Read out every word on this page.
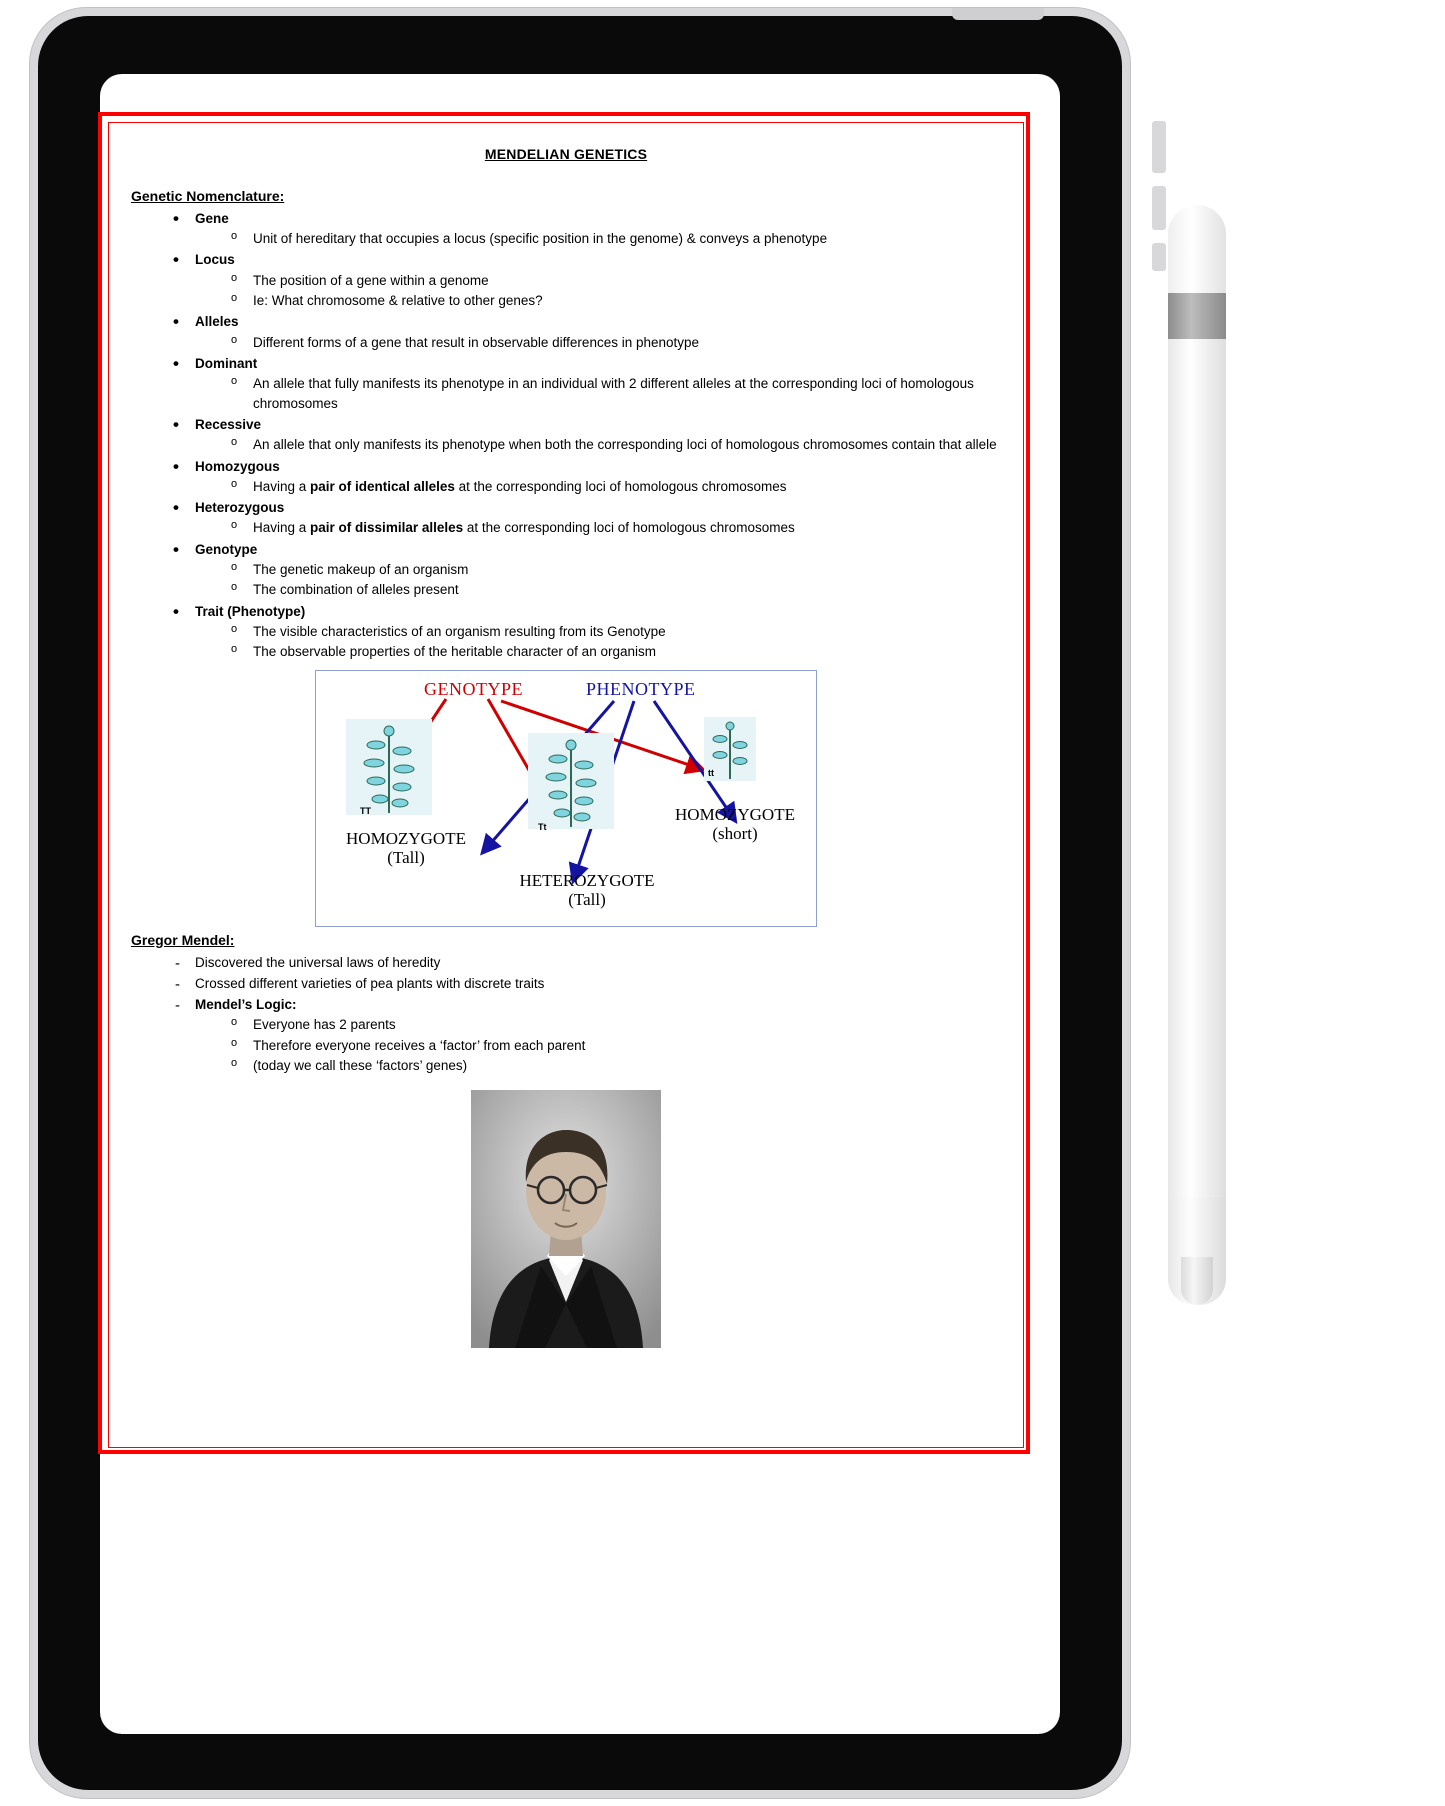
MENDELIAN GENETICS
Genetic Nomenclature:
• Gene
o Unit of hereditary that occupies a locus (specific position in the genome) & conveys a phenotype
• Locus
o The position of a gene within a genome
o Ie: What chromosome & relative to other genes?
• Alleles
o Different forms of a gene that result in observable differences in phenotype
• Dominant
o An allele that fully manifests its phenotype in an individual with 2 different alleles at the corresponding loci of homologous chromosomes
• Recessive
o An allele that only manifests its phenotype when both the corresponding loci of homologous chromosomes contain that allele
• Homozygous
o Having a pair of identical alleles at the corresponding loci of homologous chromosomes
• Heterozygous
o Having a pair of dissimilar alleles at the corresponding loci of homologous chromosomes
• Genotype
o The genetic makeup of an organism
o The combination of alleles present
• Trait (Phenotype)
o The visible characteristics of an organism resulting from its Genotype
o The observable properties of the heritable character of an organism
GENOTYPE	PHENOTYPE
TT
Tt
tt
HOMOZYGOTE
(Tall)
HETEROZYGOTE
(Tall)
HOMOZYGOTE
(short)
Gregor Mendel:
- Discovered the universal laws of heredity
- Crossed different varieties of pea plants with discrete traits
- Mendel’s Logic:
o Everyone has 2 parents
o Therefore everyone receives a ‘factor’ from each parent
o (today we call these ‘factors’ genes)
